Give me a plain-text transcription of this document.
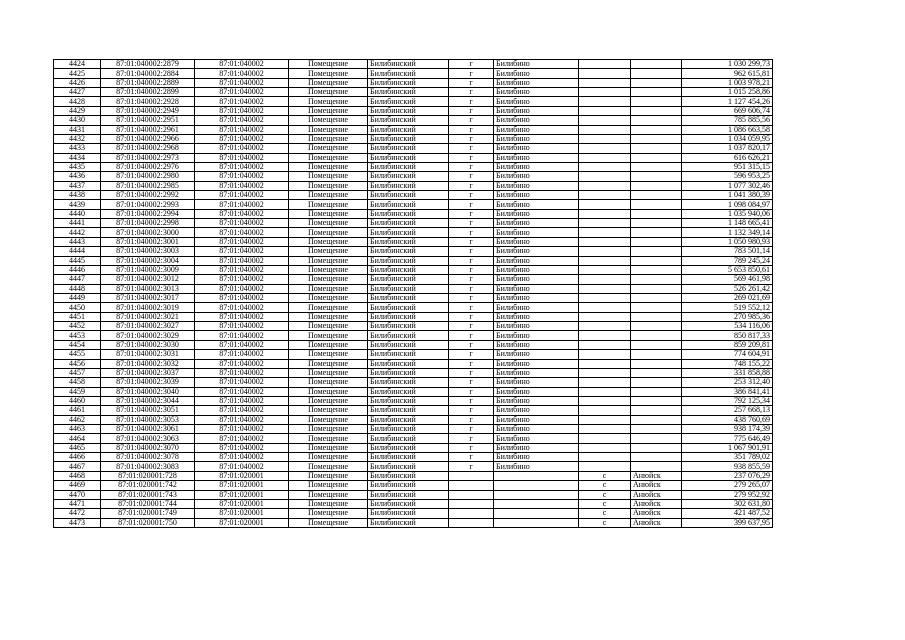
4424	87:01:040002:2879	87:01:040002	Помещение	Билибинский	г	Билибино			1 030 299,73
4425	87:01:040002:2884	87:01:040002	Помещение	Билибинский	г	Билибино			962 615,81
4426	87:01:040002:2889	87:01:040002	Помещение	Билибинский	г	Билибино			1 003 978,21
4427	87:01:040002:2899	87:01:040002	Помещение	Билибинский	г	Билибино			1 015 258,86
4428	87:01:040002:2928	87:01:040002	Помещение	Билибинский	г	Билибино			1 127 454,26
4429	87:01:040002:2949	87:01:040002	Помещение	Билибинский	г	Билибино			669 606,74
4430	87:01:040002:2951	87:01:040002	Помещение	Билибинский	г	Билибино			785 885,56
4431	87:01:040002:2961	87:01:040002	Помещение	Билибинский	г	Билибино			1 086 663,58
4432	87:01:040002:2966	87:01:040002	Помещение	Билибинский	г	Билибино			1 034 059,95
4433	87:01:040002:2968	87:01:040002	Помещение	Билибинский	г	Билибино			1 037 820,17
4434	87:01:040002:2973	87:01:040002	Помещение	Билибинский	г	Билибино			616 626,21
4435	87:01:040002:2976	87:01:040002	Помещение	Билибинский	г	Билибино			951 315,15
4436	87:01:040002:2980	87:01:040002	Помещение	Билибинский	г	Билибино			596 953,25
4437	87:01:040002:2985	87:01:040002	Помещение	Билибинский	г	Билибино			1 077 302,46
4438	87:01:040002:2992	87:01:040002	Помещение	Билибинский	г	Билибино			1 041 380,39
4439	87:01:040002:2993	87:01:040002	Помещение	Билибинский	г	Билибино			1 098 084,97
4440	87:01:040002:2994	87:01:040002	Помещение	Билибинский	г	Билибино			1 035 940,06
4441	87:01:040002:2998	87:01:040002	Помещение	Билибинский	г	Билибино			1 148 665,41
4442	87:01:040002:3000	87:01:040002	Помещение	Билибинский	г	Билибино			1 132 349,14
4443	87:01:040002:3001	87:01:040002	Помещение	Билибинский	г	Билибино			1 050 980,93
4444	87:01:040002:3003	87:01:040002	Помещение	Билибинский	г	Билибино			783 501,14
4445	87:01:040002:3004	87:01:040002	Помещение	Билибинский	г	Билибино			789 245,24
4446	87:01:040002:3009	87:01:040002	Помещение	Билибинский	г	Билибино			5 653 850,61
4447	87:01:040002:3012	87:01:040002	Помещение	Билибинский	г	Билибино			569 461,98
4448	87:01:040002:3013	87:01:040002	Помещение	Билибинский	г	Билибино			526 261,42
4449	87:01:040002:3017	87:01:040002	Помещение	Билибинский	г	Билибино			269 021,69
4450	87:01:040002:3019	87:01:040002	Помещение	Билибинский	г	Билибино			519 552,12
4451	87:01:040002:3021	87:01:040002	Помещение	Билибинский	г	Билибино			270 985,36
4452	87:01:040002:3027	87:01:040002	Помещение	Билибинский	г	Билибино			534 116,06
4453	87:01:040002:3029	87:01:040002	Помещение	Билибинский	г	Билибино			850 817,33
4454	87:01:040002:3030	87:01:040002	Помещение	Билибинский	г	Билибино			859 209,81
4455	87:01:040002:3031	87:01:040002	Помещение	Билибинский	г	Билибино			774 604,91
4456	87:01:040002:3032	87:01:040002	Помещение	Билибинский	г	Билибино			748 155,22
4457	87:01:040002:3037	87:01:040002	Помещение	Билибинский	г	Билибино			331 858,88
4458	87:01:040002:3039	87:01:040002	Помещение	Билибинский	г	Билибино			253 312,40
4459	87:01:040002:3040	87:01:040002	Помещение	Билибинский	г	Билибино			386 841,41
4460	87:01:040002:3044	87:01:040002	Помещение	Билибинский	г	Билибино			792 125,34
4461	87:01:040002:3051	87:01:040002	Помещение	Билибинский	г	Билибино			257 668,13
4462	87:01:040002:3053	87:01:040002	Помещение	Билибинский	г	Билибино			438 760,69
4463	87:01:040002:3061	87:01:040002	Помещение	Билибинский	г	Билибино			938 174,39
4464	87:01:040002:3063	87:01:040002	Помещение	Билибинский	г	Билибино			775 646,49
4465	87:01:040002:3070	87:01:040002	Помещение	Билибинский	г	Билибино			1 067 901,91
4466	87:01:040002:3078	87:01:040002	Помещение	Билибинский	г	Билибино			351 789,02
4467	87:01:040002:3083	87:01:040002	Помещение	Билибинский	г	Билибино			938 855,59
4468	87:01:020001:728	87:01:020001	Помещение	Билибинский			с	Анюйск	237 076,29
4469	87:01:020001:742	87:01:020001	Помещение	Билибинский			с	Анюйск	279 265,07
4470	87:01:020001:743	87:01:020001	Помещение	Билибинский			с	Анюйск	279 952,92
4471	87:01:020001:744	87:01:020001	Помещение	Билибинский			с	Анюйск	302 631,80
4472	87:01:020001:749	87:01:020001	Помещение	Билибинский			с	Анюйск	421 487,52
4473	87:01:020001:750	87:01:020001	Помещение	Билибинский			с	Анюйск	399 637,95
